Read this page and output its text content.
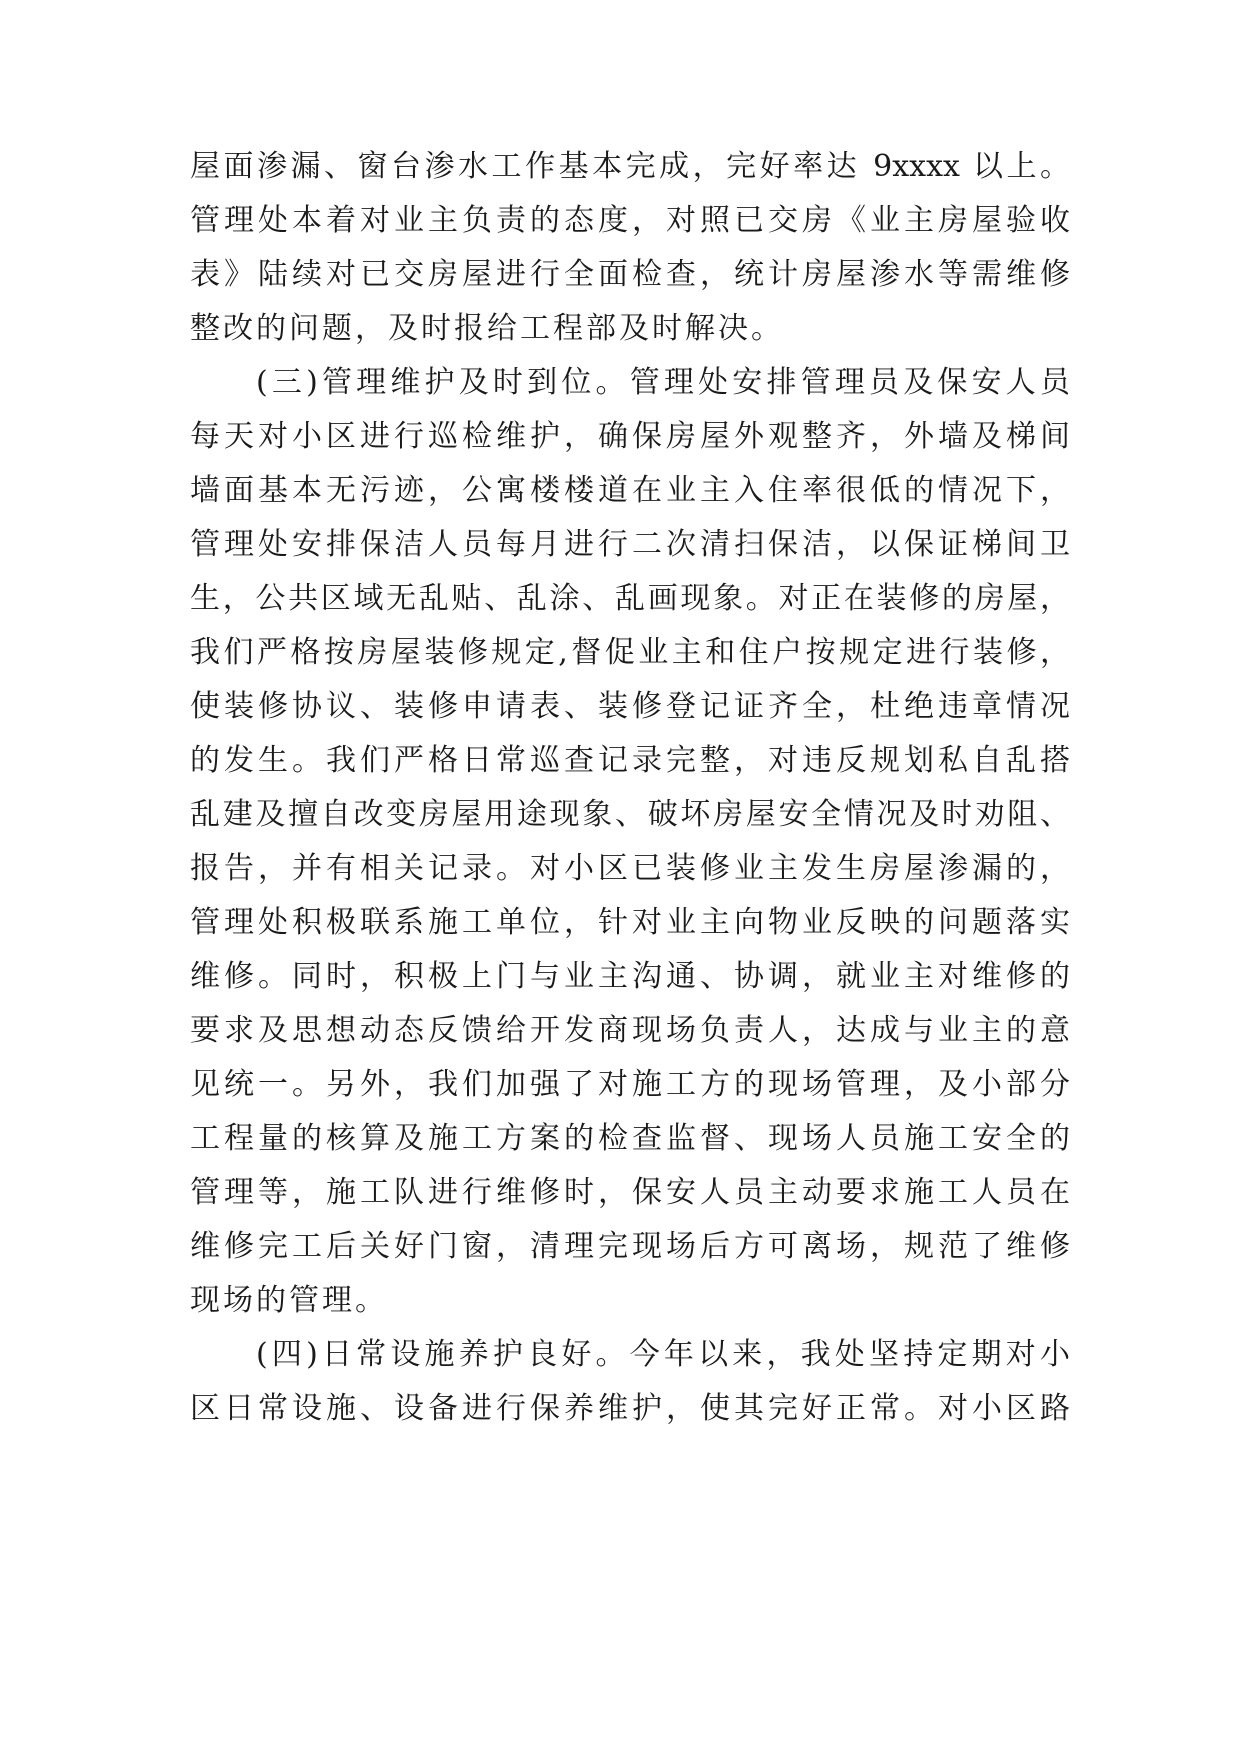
屋面渗漏、窗台渗水工作基本完成，完好率达 9xxxx 以上。
管理处本着对业主负责的态度，对照已交房《业主房屋验收
表》陆续对已交房屋进行全面检查，统计房屋渗水等需维修
整改的问题，及时报给工程部及时解决。
(三)管理维护及时到位。管理处安排管理员及保安人员
每天对小区进行巡检维护，确保房屋外观整齐，外墙及梯间
墙面基本无污迹，公寓楼楼道在业主入住率很低的情况下，
管理处安排保洁人员每月进行二次清扫保洁，以保证梯间卫
生，公共区域无乱贴、乱涂、乱画现象。对正在装修的房屋，
我们严格按房屋装修规定,督促业主和住户按规定进行装修，
使装修协议、装修申请表、装修登记证齐全，杜绝违章情况
的发生。我们严格日常巡查记录完整，对违反规划私自乱搭
乱建及擅自改变房屋用途现象、破坏房屋安全情况及时劝阻、
报告，并有相关记录。对小区已装修业主发生房屋渗漏的，
管理处积极联系施工单位，针对业主向物业反映的问题落实
维修。同时，积极上门与业主沟通、协调，就业主对维修的
要求及思想动态反馈给开发商现场负责人，达成与业主的意
见统一。另外，我们加强了对施工方的现场管理，及小部分
工程量的核算及施工方案的检查监督、现场人员施工安全的
管理等，施工队进行维修时，保安人员主动要求施工人员在
维修完工后关好门窗，清理完现场后方可离场，规范了维修
现场的管理。
(四)日常设施养护良好。今年以来，我处坚持定期对小
区日常设施、设备进行保养维护，使其完好正常。对小区路
